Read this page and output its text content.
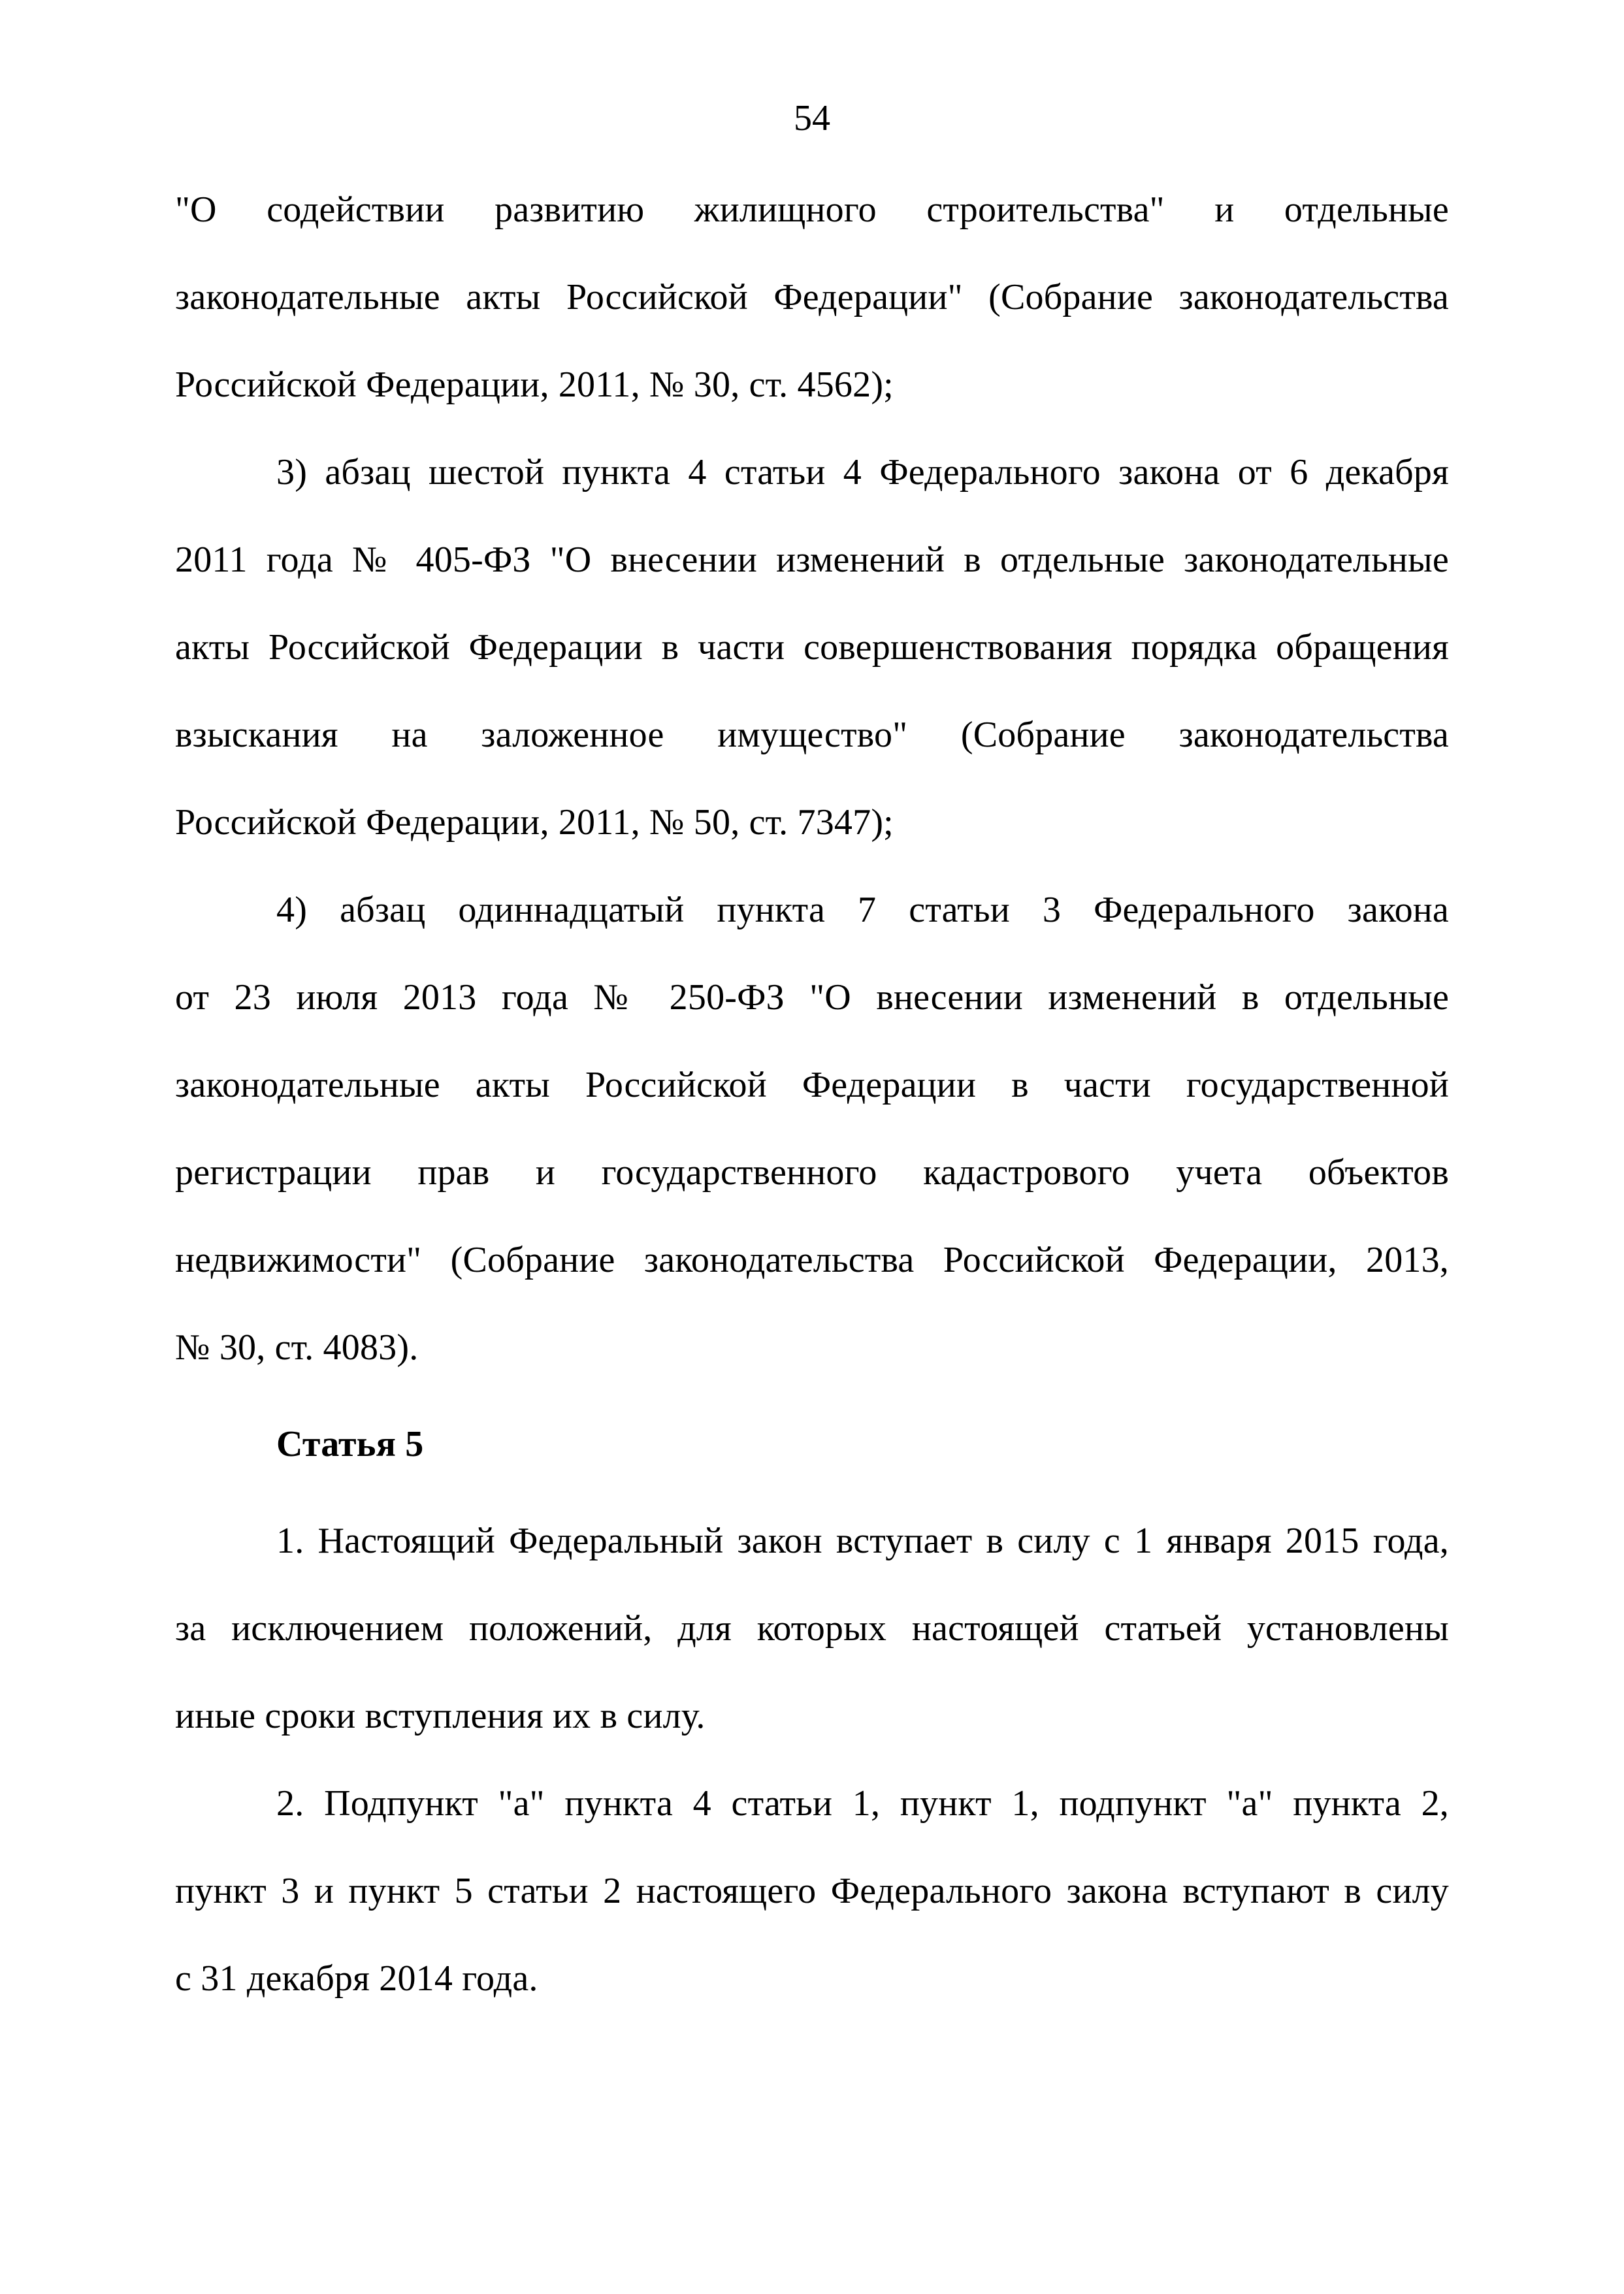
54
"О содействии развитию жилищного строительства" и отдельные
законодательные акты Российской Федерации" (Собрание законодательства
Российской Федерации, 2011, № 30, ст. 4562);
3) абзац шестой пункта 4 статьи 4 Федерального закона от 6 декабря
2011 года № 405-ФЗ "О внесении изменений в отдельные законодательные
акты Российской Федерации в части совершенствования порядка обращения
взыскания на заложенное имущество" (Собрание законодательства
Российской Федерации, 2011, № 50, ст. 7347);
4) абзац одиннадцатый пункта 7 статьи 3 Федерального закона
от 23 июля 2013 года № 250-ФЗ "О внесении изменений в отдельные
законодательные акты Российской Федерации в части государственной
регистрации прав и государственного кадастрового учета объектов
недвижимости" (Собрание законодательства Российской Федерации, 2013,
№ 30, ст. 4083).
Статья 5
1. Настоящий Федеральный закон вступает в силу с 1 января 2015 года,
за исключением положений, для которых настоящей статьей установлены
иные сроки вступления их в силу.
2. Подпункт "а" пункта 4 статьи 1, пункт 1, подпункт "а" пункта 2,
пункт 3 и пункт 5 статьи 2 настоящего Федерального закона вступают в силу
с 31 декабря 2014 года.
